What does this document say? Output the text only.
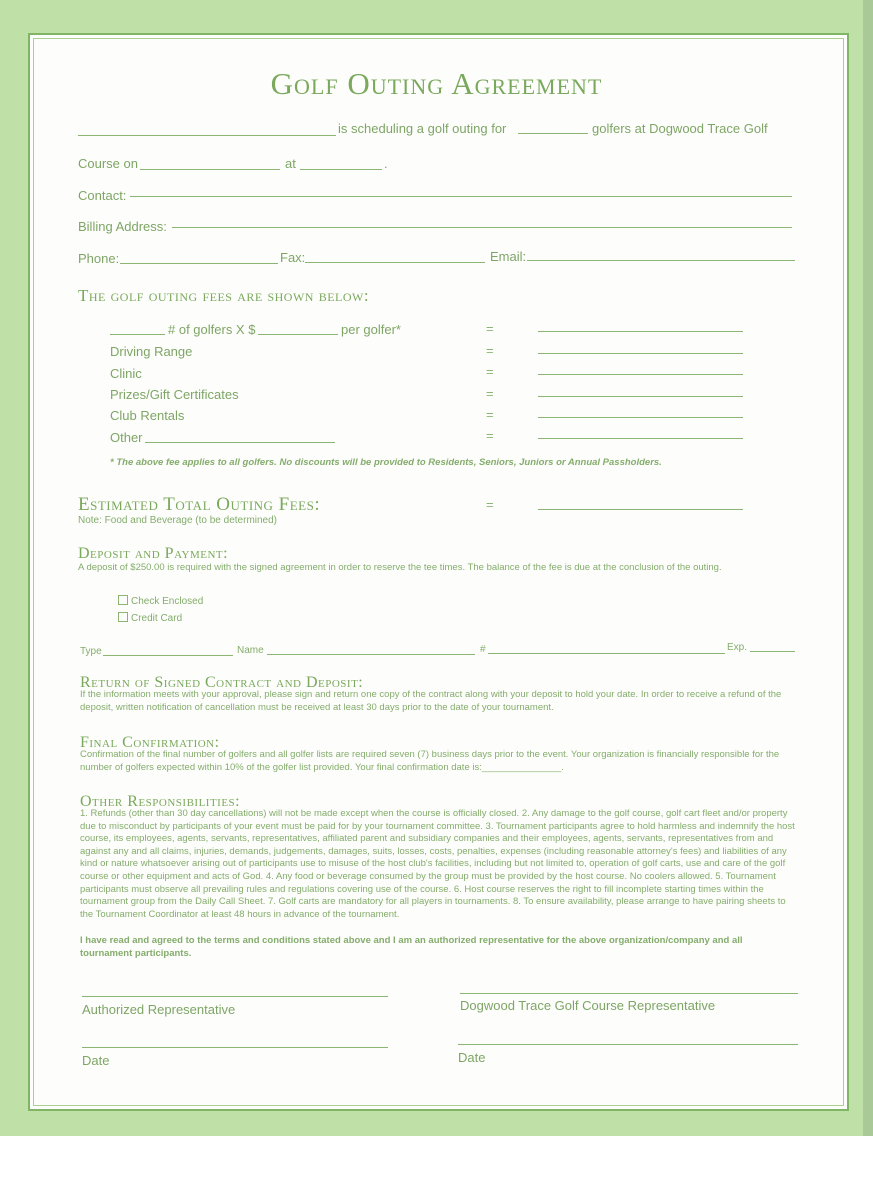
Golf Outing Agreement
is scheduling a golf outing for	golfers at Dogwood Trace Golf
Course on	at	.
Contact:
Billing Address:
Phone:	Fax:	Email:
The golf outing fees are shown below:
# of golfers X $	per golfer*	=
Driving Range	=
Clinic	=
Prizes/Gift Certificates	=
Club Rentals	=
Other	=
* The above fee applies to all golfers. No discounts will be provided to Residents, Seniors, Juniors or Annual Passholders.
Estimated Total Outing Fees:	=
Note: Food and Beverage (to be determined)
Deposit and Payment:
A deposit of $250.00 is required with the signed agreement in order to reserve the tee times. The balance of the fee is due at the conclusion of the outing.
Check Enclosed
Credit Card
Type	Name	#	Exp.
Return of Signed Contract and Deposit:
If the information meets with your approval, please sign and return one copy of the contract along with your deposit to hold your date. In order to receive a refund of the deposit, written notification of cancellation must be received at least 30 days prior to the date of your tournament.
Final Confirmation:
Confirmation of the final number of golfers and all golfer lists are required seven (7) business days prior to the event. Your organization is financially responsible for the number of golfers expected within 10% of the golfer list provided. Your final confirmation date is:_______________.
Other Responsibilities:
1. Refunds (other than 30 day cancellations) will not be made except when the course is officially closed. 2. Any damage to the golf course, golf cart fleet and/or property due to misconduct by participants of your event must be paid for by your tournament committee. 3. Tournament participants agree to hold harmless and indemnify the host course, its employees, agents, servants, representatives, affiliated parent and subsidiary companies and their employees, agents, servants, representatives from and against any and all claims, injuries, demands, judgements, damages, suits, losses, costs, penalties, expenses (including reasonable attorney's fees) and liabilities of any kind or nature whatsoever arising out of participants use to misuse of the host club's facilities, including but not limited to, operation of golf carts, use and care of the golf course or other equipment and acts of God. 4. Any food or beverage consumed by the group must be provided by the host course. No coolers allowed. 5. Tournament participants must observe all prevailing rules and regulations covering use of the course. 6. Host course reserves the right to fill incomplete starting times within the tournament group from the Daily Call Sheet. 7. Golf carts are mandatory for all players in tournaments. 8. To ensure availability, please arrange to have pairing sheets to the Tournament Coordinator at least 48 hours in advance of the tournament.
I have read and agreed to the terms and conditions stated above and I am an authorized representative for the above organization/company and all tournament participants.
Authorized Representative	Dogwood Trace Golf Course Representative
Date	Date
